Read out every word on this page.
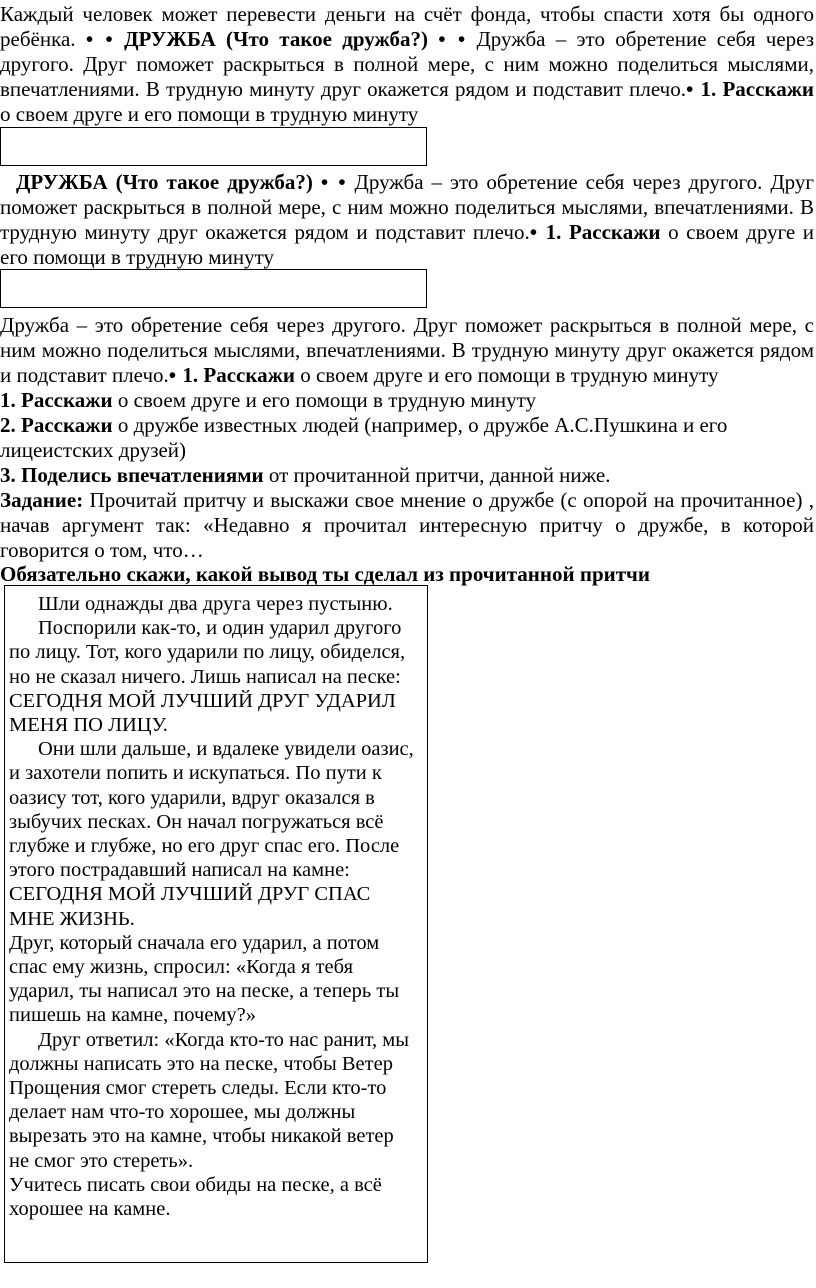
Каждый человек может перевести деньги на счёт фонда, чтобы спасти хотя бы одного ребёнка. • • ДРУЖБА (Что такое дружба?) • • Дружба – это обретение себя через другого. Друг поможет раскрыться в полной мере, с ним можно поделиться мыслями, впечатлениями. В трудную минуту друг окажется рядом и подставит плечо.• 1. Расскажи о своем друге и его помощи в трудную минуту
ДРУЖБА (Что такое дружба?) • • Дружба – это обретение себя через другого. Друг поможет раскрыться в полной мере, с ним можно поделиться мыслями, впечатлениями. В трудную минуту друг окажется рядом и подставит плечо.• 1. Расскажи о своем друге и его помощи в трудную минуту
Дружба – это обретение себя через другого. Друг поможет раскрыться в полной мере, с ним можно поделиться мыслями, впечатлениями. В трудную минуту друг окажется рядом и подставит плечо.• 1. Расскажи о своем друге и его помощи в трудную минуту
1. Расскажи о своем друге и его помощи в трудную минуту
2. Расскажи о дружбе известных людей (например, о дружбе А.С.Пушкина и его лицеистских друзей)
3. Поделись впечатлениями от прочитанной притчи, данной ниже.
Задание: Прочитай притчу и выскажи свое мнение о дружбе (с опорой на прочитанное) , начав аргумент так: «Недавно я прочитал интересную притчу о дружбе, в которой говорится о том, что…
Обязательно скажи, какой вывод ты сделал из прочитанной притчи

Шли однажды два друга через пустыню.

Поспорили как-то, и один ударил другого по лицу. Тот, кого ударили по лицу, обиделся, но не сказал ничего. Лишь написал на песке: СЕГОДНЯ МОЙ ЛУЧШИЙ ДРУГ УДАРИЛ МЕНЯ ПО ЛИЦУ.

Они шли дальше, и вдалеке увидели оазис, и захотели попить и искупаться. По пути к оазису тот, кого ударили, вдруг оказался в зыбучих песках. Он начал погружаться всё глубже и глубже, но его друг спас его. После этого пострадавший написал на камне: СЕГОДНЯ МОЙ ЛУЧШИЙ ДРУГ СПАС МНЕ ЖИЗНЬ.

Друг, который сначала его ударил, а потом спас ему жизнь, спросил: «Когда я тебя ударил, ты написал это на песке, а теперь ты пишешь на камне, почему?»

Друг ответил: «Когда кто-то нас ранит, мы должны написать это на песке, чтобы Ветер Прощения смог стереть следы. Если кто-то делает нам что-то хорошее, мы должны вырезать это на камне, чтобы никакой ветер не смог это стереть».

Учитесь писать свои обиды на песке, а всё хорошее на камне.
